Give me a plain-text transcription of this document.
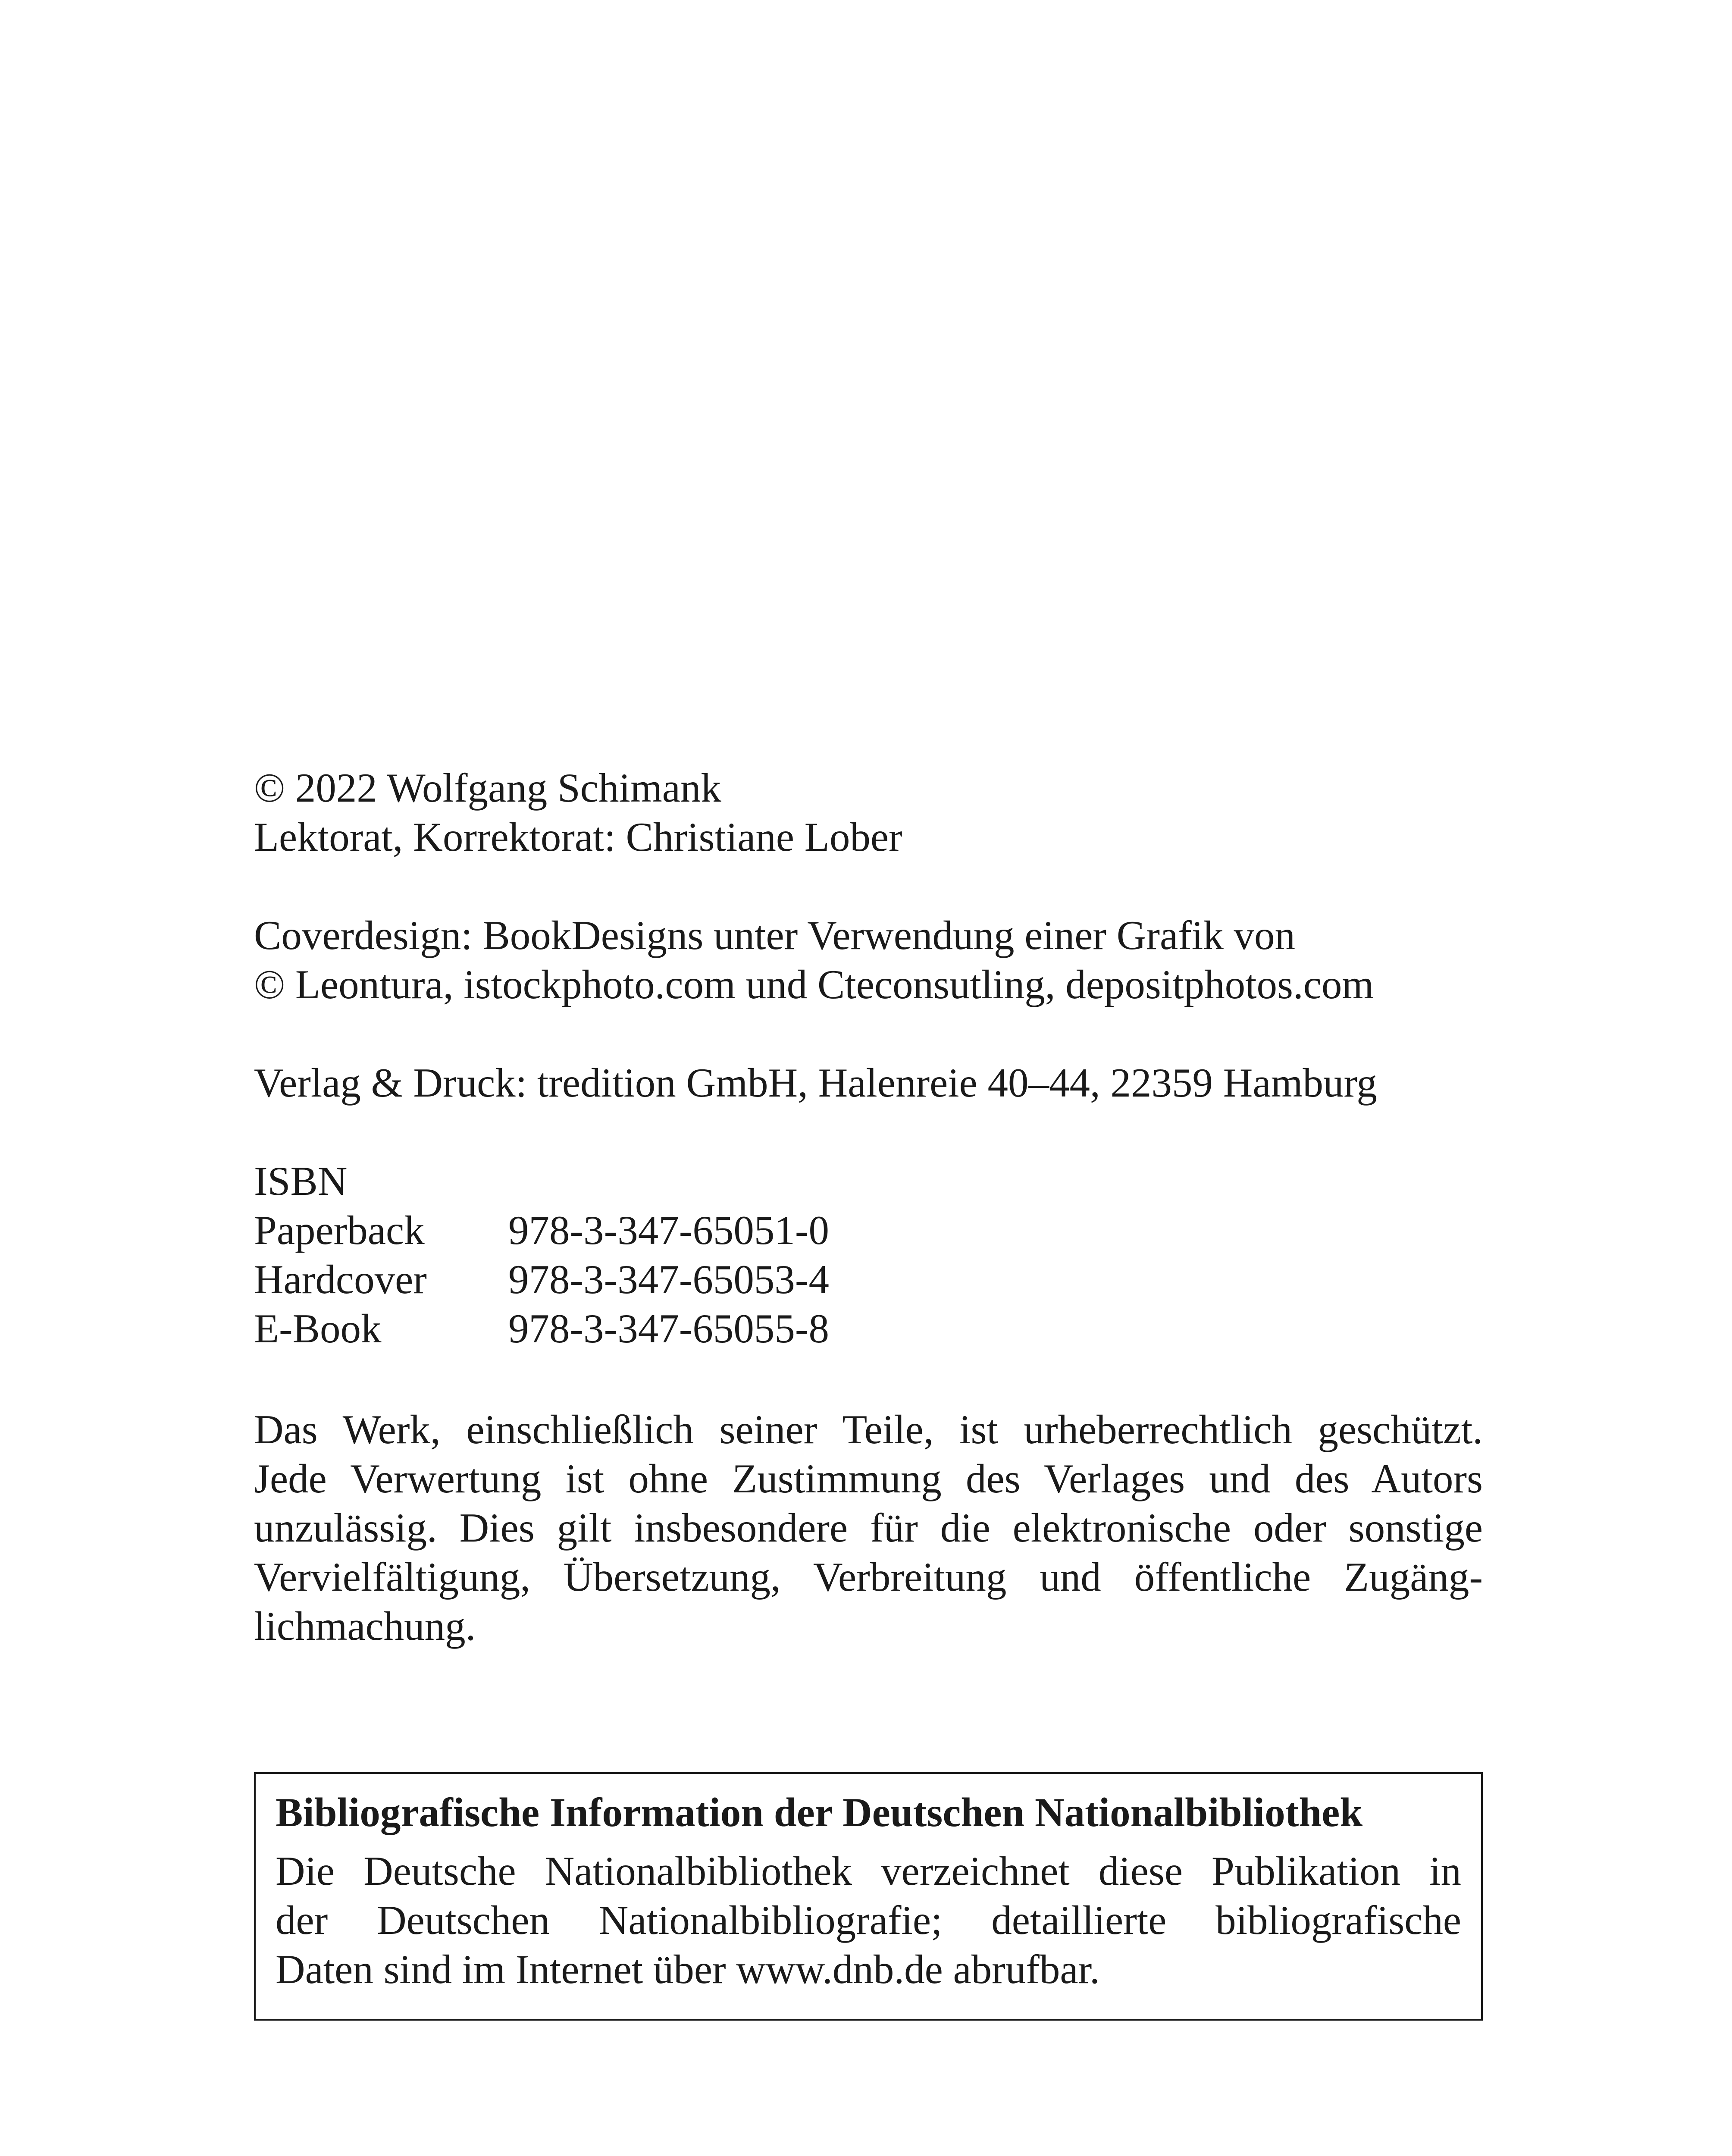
© 2022 Wolfgang Schimank
Lektorat, Korrektorat: Christiane Lober
Coverdesign: BookDesigns unter Verwendung einer Grafik von
© Leontura, istockphoto.com und Cteconsutling, depositphotos.com
Verlag & Druck: tredition GmbH, Halenreie 40–44, 22359 Hamburg
ISBN
Paperback	978-3-347-65051-0
Hardcover	978-3-347-65053-4
E-Book	978-3-347-65055-8
Das Werk, einschließlich seiner Teile, ist urheberrechtlich geschützt.
Jede Verwertung ist ohne Zustimmung des Verlages und des Autors
unzulässig. Dies gilt insbesondere für die elektronische oder sonstige
Vervielfältigung, Übersetzung, Verbreitung und öffentliche Zugäng-
lichmachung.
Bibliografische Information der Deutschen Nationalbibliothek
Die Deutsche Nationalbibliothek verzeichnet diese Publikation in
der Deutschen Nationalbibliografie; detaillierte bibliografische
Daten sind im Internet über www.dnb.de abrufbar.
